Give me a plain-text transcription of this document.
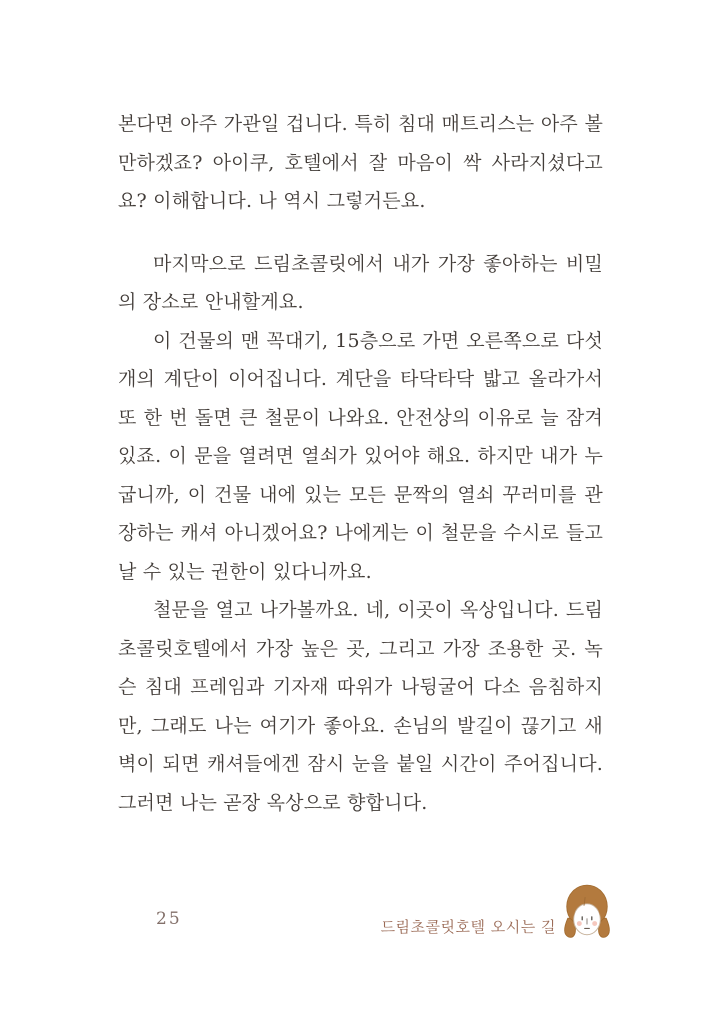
본다면 아주 가관일 겁니다. 특히 침대 매트리스는 아주 볼 만하겠죠? 아이쿠, 호텔에서 잘 마음이 싹 사라지셨다고요? 이해합니다. 나 역시 그렇거든요.

마지막으로 드림초콜릿에서 내가 가장 좋아하는 비밀의 장소로 안내할게요.

이 건물의 맨 꼭대기, 15층으로 가면 오른쪽으로 다섯 개의 계단이 이어집니다. 계단을 타닥타닥 밟고 올라가서 또 한 번 돌면 큰 철문이 나와요. 안전상의 이유로 늘 잠겨 있죠. 이 문을 열려면 열쇠가 있어야 해요. 하지만 내가 누굽니까, 이 건물 내에 있는 모든 문짝의 열쇠 꾸러미를 관장하는 캐셔 아니겠어요? 나에게는 이 철문을 수시로 들고날 수 있는 권한이 있다니까요.

철문을 열고 나가볼까요. 네, 이곳이 옥상입니다. 드림초콜릿호텔에서 가장 높은 곳, 그리고 가장 조용한 곳. 녹슨 침대 프레임과 기자재 따위가 나뒹굴어 다소 음침하지만, 그래도 나는 여기가 좋아요. 손님의 발길이 끊기고 새벽이 되면 캐셔들에겐 잠시 눈을 붙일 시간이 주어집니다. 그러면 나는 곧장 옥상으로 향합니다.

25	드림초콜릿호텔 오시는 길
